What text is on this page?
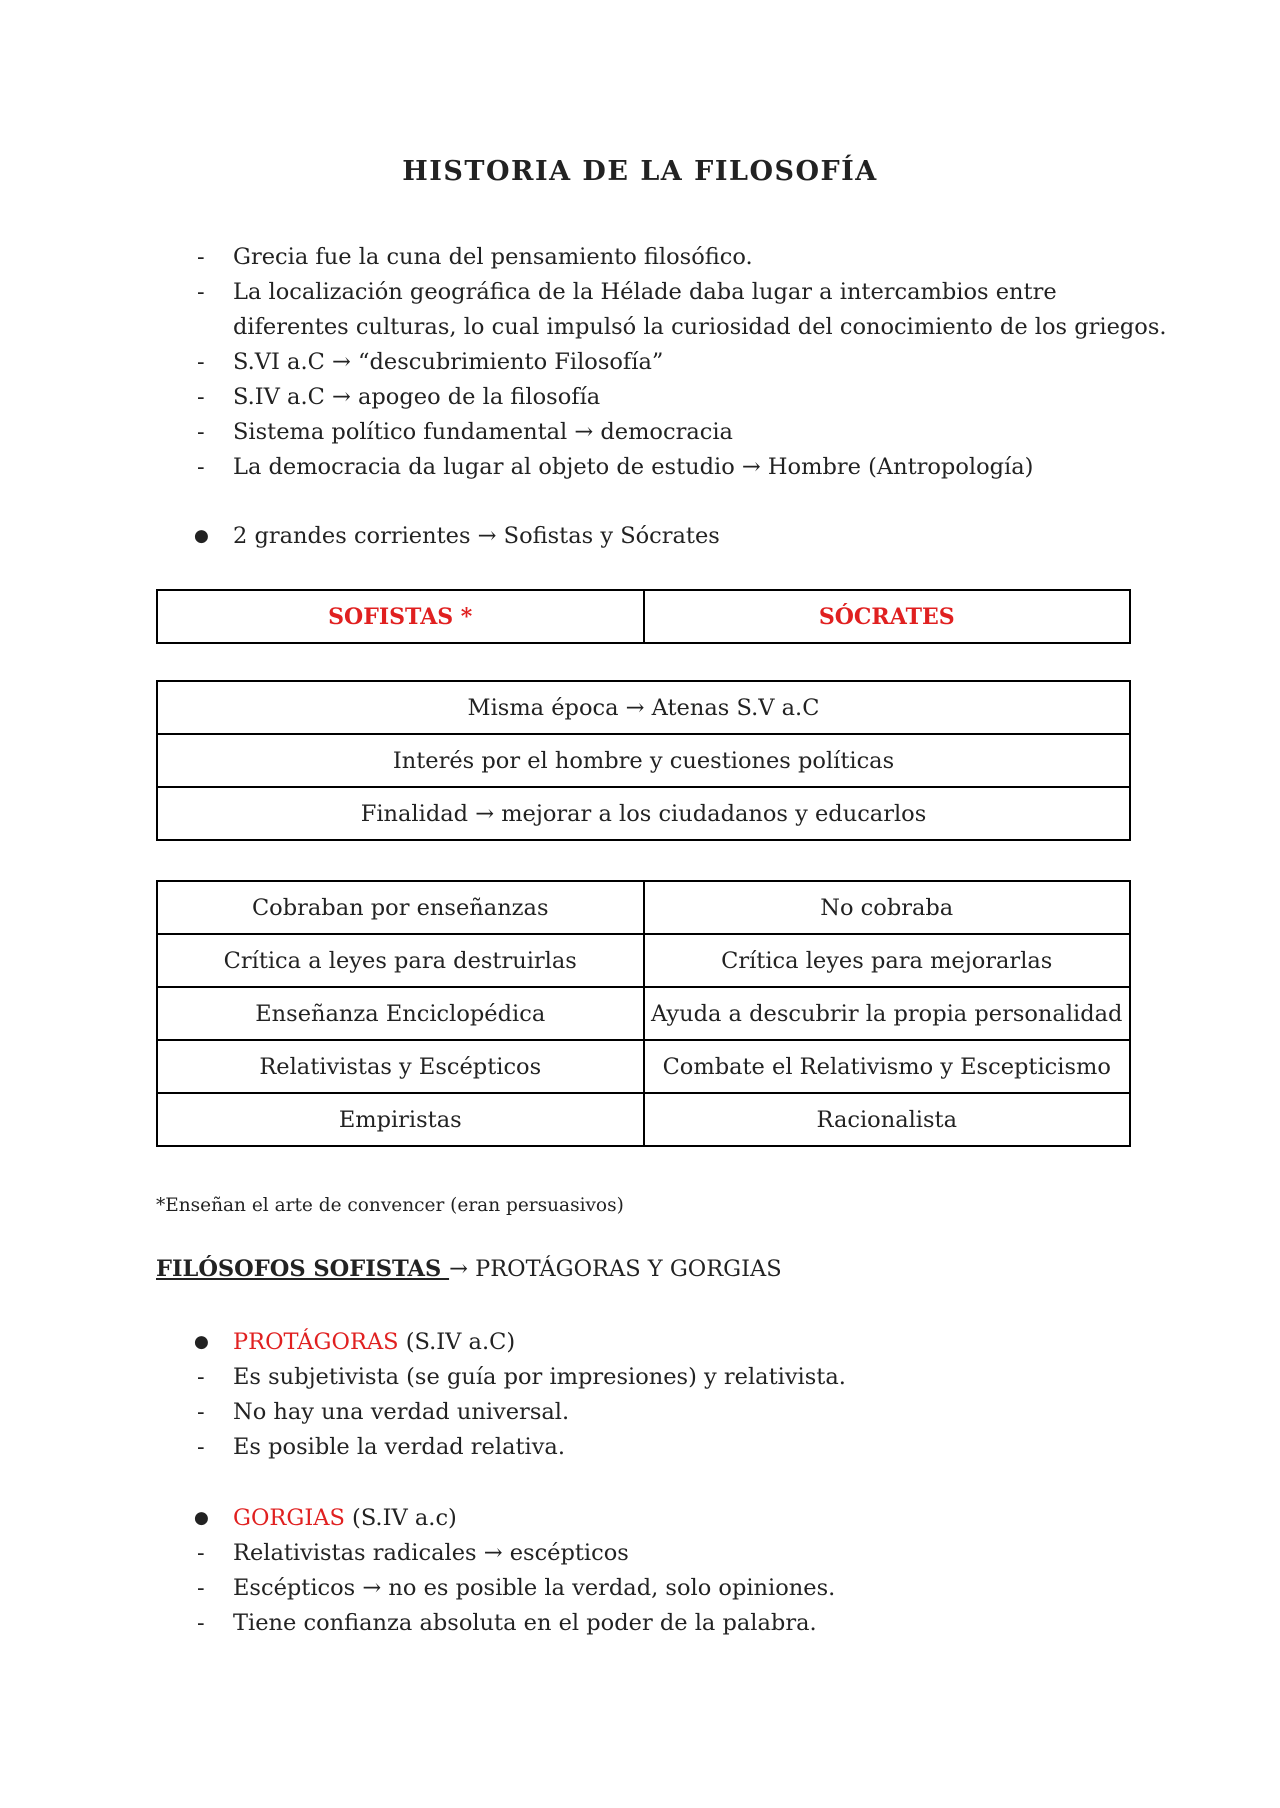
HISTORIA DE LA FILOSOFÍA
- Grecia fue la cuna del pensamiento filosófico.
- La localización geográfica de la Hélade daba lugar a intercambios entre
diferentes culturas, lo cual impulsó la curiosidad del conocimiento de los griegos.
- S.VI a.C → “descubrimiento Filosofía”
- S.IV a.C → apogeo de la filosofía
- Sistema político fundamental → democracia
- La democracia da lugar al objeto de estudio → Hombre (Antropología)
● 2 grandes corrientes → Sofistas y Sócrates
SOFISTAS *	SÓCRATES
Misma época → Atenas S.V a.C
Interés por el hombre y cuestiones políticas
Finalidad → mejorar a los ciudadanos y educarlos
Cobraban por enseñanzas	No cobraba
Crítica a leyes para destruirlas	Crítica leyes para mejorarlas
Enseñanza Enciclopédica	Ayuda a descubrir la propia personalidad
Relativistas y Escépticos	Combate el Relativismo y Escepticismo
Empiristas	Racionalista
*Enseñan el arte de convencer (eran persuasivos)
FILÓSOFOS SOFISTAS → PROTÁGORAS Y GORGIAS
● PROTÁGORAS (S.IV a.C)
- Es subjetivista (se guía por impresiones) y relativista.
- No hay una verdad universal.
- Es posible la verdad relativa.
● GORGIAS (S.IV a.c)
- Relativistas radicales → escépticos
- Escépticos → no es posible la verdad, solo opiniones.
- Tiene confianza absoluta en el poder de la palabra.
